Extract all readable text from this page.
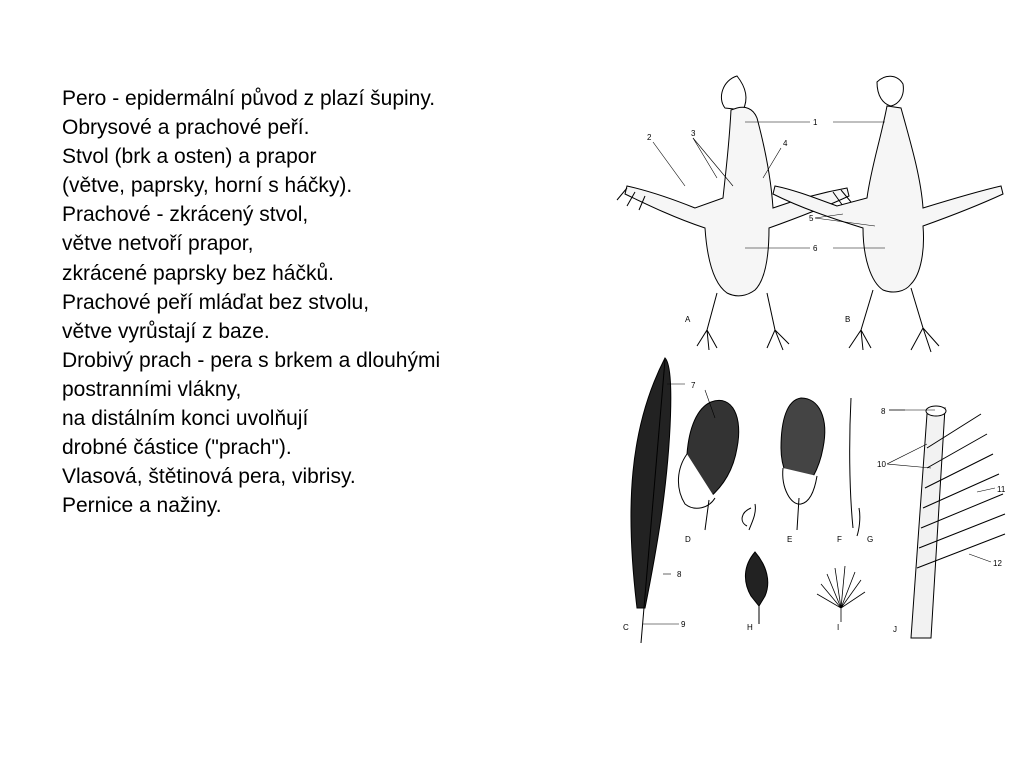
Pero - epidermální původ z plazí šupiny.
Obrysové a prachové peří.
Stvol (brk a osten) a prapor
(větve, paprsky, horní s háčky).
Prachové - zkrácený stvol,
větve netvoří prapor,
zkrácené paprsky bez háčků.
Prachové peří mláďat bez stvolu,
větve vyrůstají z baze.
Drobivý prach - pera s brkem a dlouhými
postranními vlákny,
na distálním konci uvolňují
drobné částice ("prach").
Vlasová, štětinová pera, vibrisy.
Pernice a nažiny.
1
2	3
4
5
6
A	B
7
8
9
8
10
11
12
C
D	E	F	G
H	I	J
